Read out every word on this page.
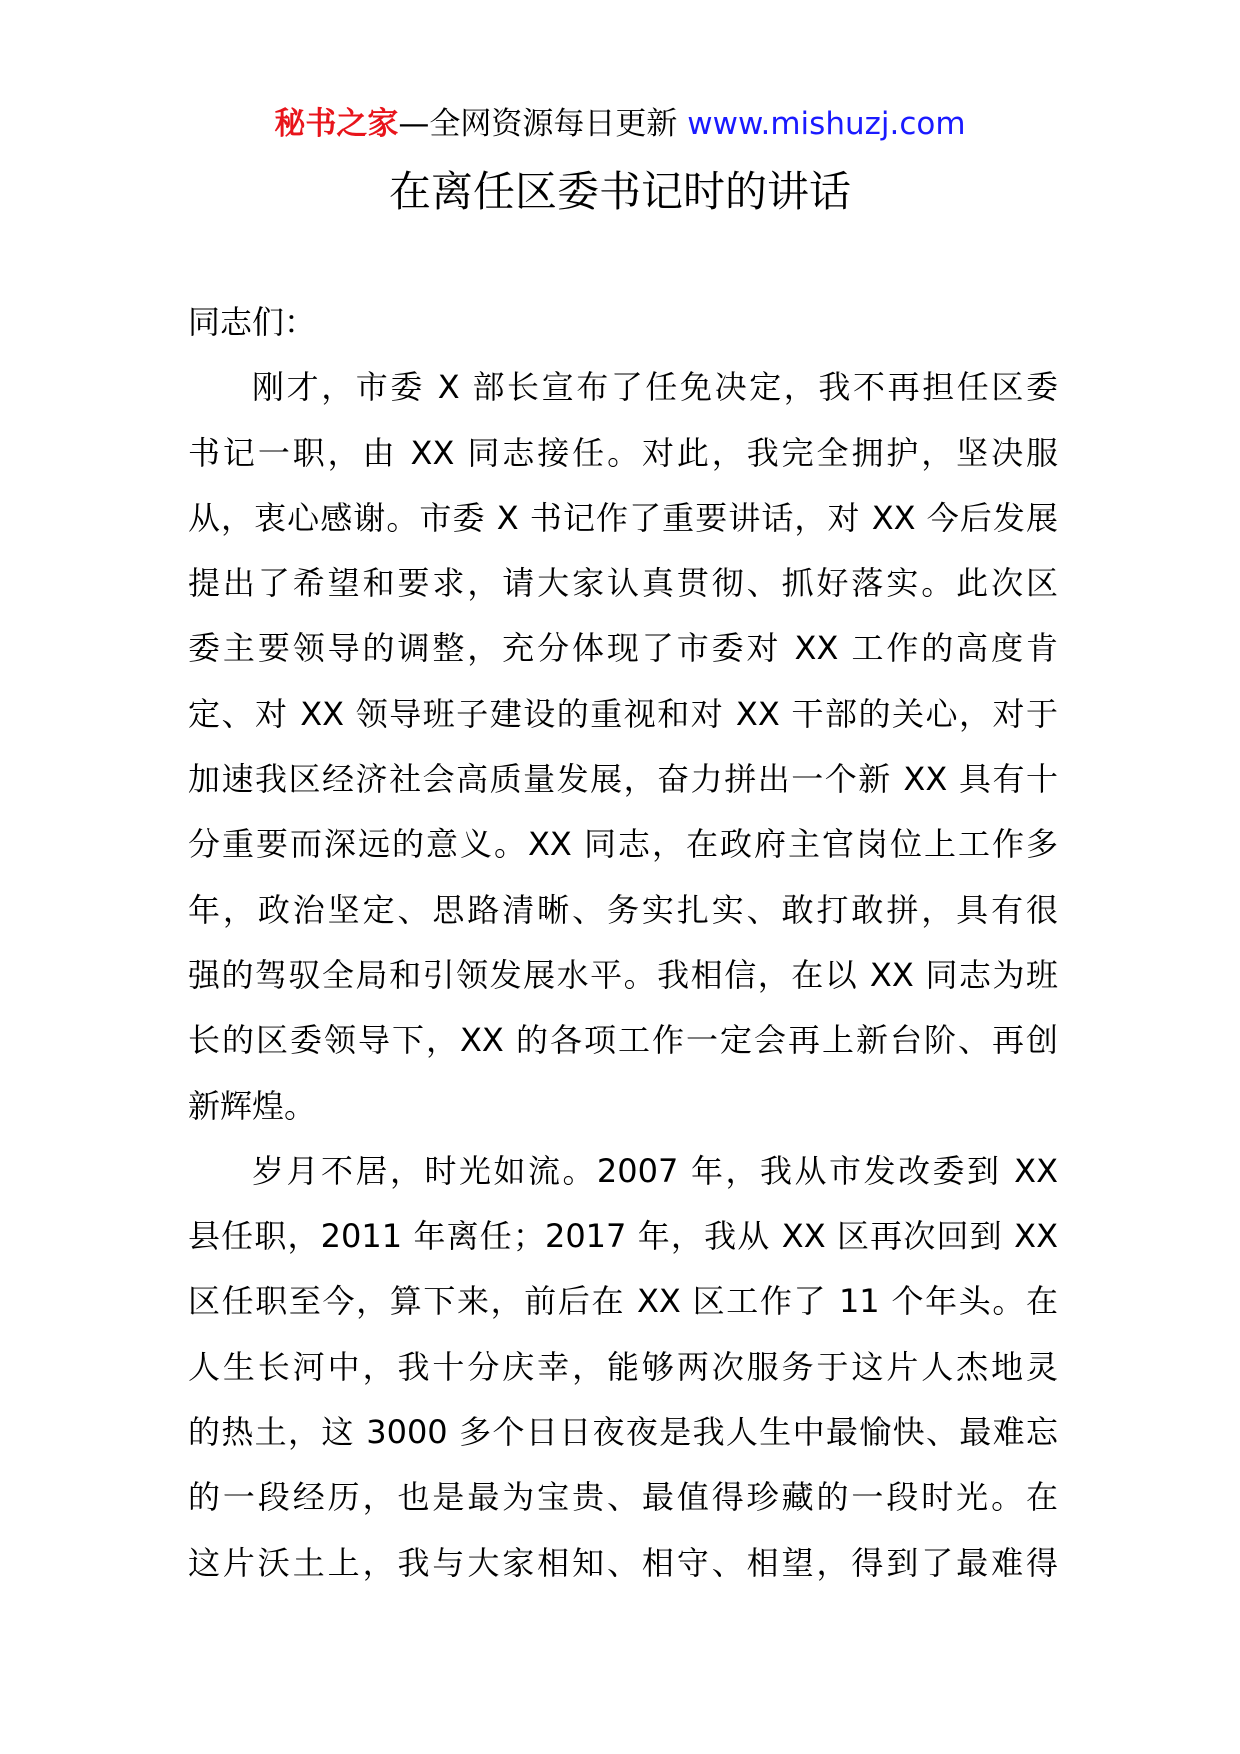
秘书之家—全网资源每日更新 www.mishuzj.com
在离任区委书记时的讲话
同志们：
刚才，市委 X 部长宣布了任免决定，我不再担任区委
书记一职，由 XX 同志接任。对此，我完全拥护，坚决服
从，衷心感谢。市委 X 书记作了重要讲话，对 XX 今后发展
提出了希望和要求，请大家认真贯彻、抓好落实。此次区
委主要领导的调整，充分体现了市委对 XX 工作的高度肯
定、对 XX 领导班子建设的重视和对 XX 干部的关心，对于
加速我区经济社会高质量发展，奋力拼出一个新 XX 具有十
分重要而深远的意义。XX 同志，在政府主官岗位上工作多
年，政治坚定、思路清晰、务实扎实、敢打敢拼，具有很
强的驾驭全局和引领发展水平。我相信，在以 XX 同志为班
长的区委领导下，XX 的各项工作一定会再上新台阶、再创
新辉煌。
岁月不居，时光如流。2007 年，我从市发改委到 XX
县任职，2011 年离任；2017 年，我从 XX 区再次回到 XX
区任职至今，算下来，前后在 XX 区工作了 11 个年头。在
人生长河中，我十分庆幸，能够两次服务于这片人杰地灵
的热土，这 3000 多个日日夜夜是我人生中最愉快、最难忘
的一段经历，也是最为宝贵、最值得珍藏的一段时光。在
这片沃土上，我与大家相知、相守、相望，得到了最难得
